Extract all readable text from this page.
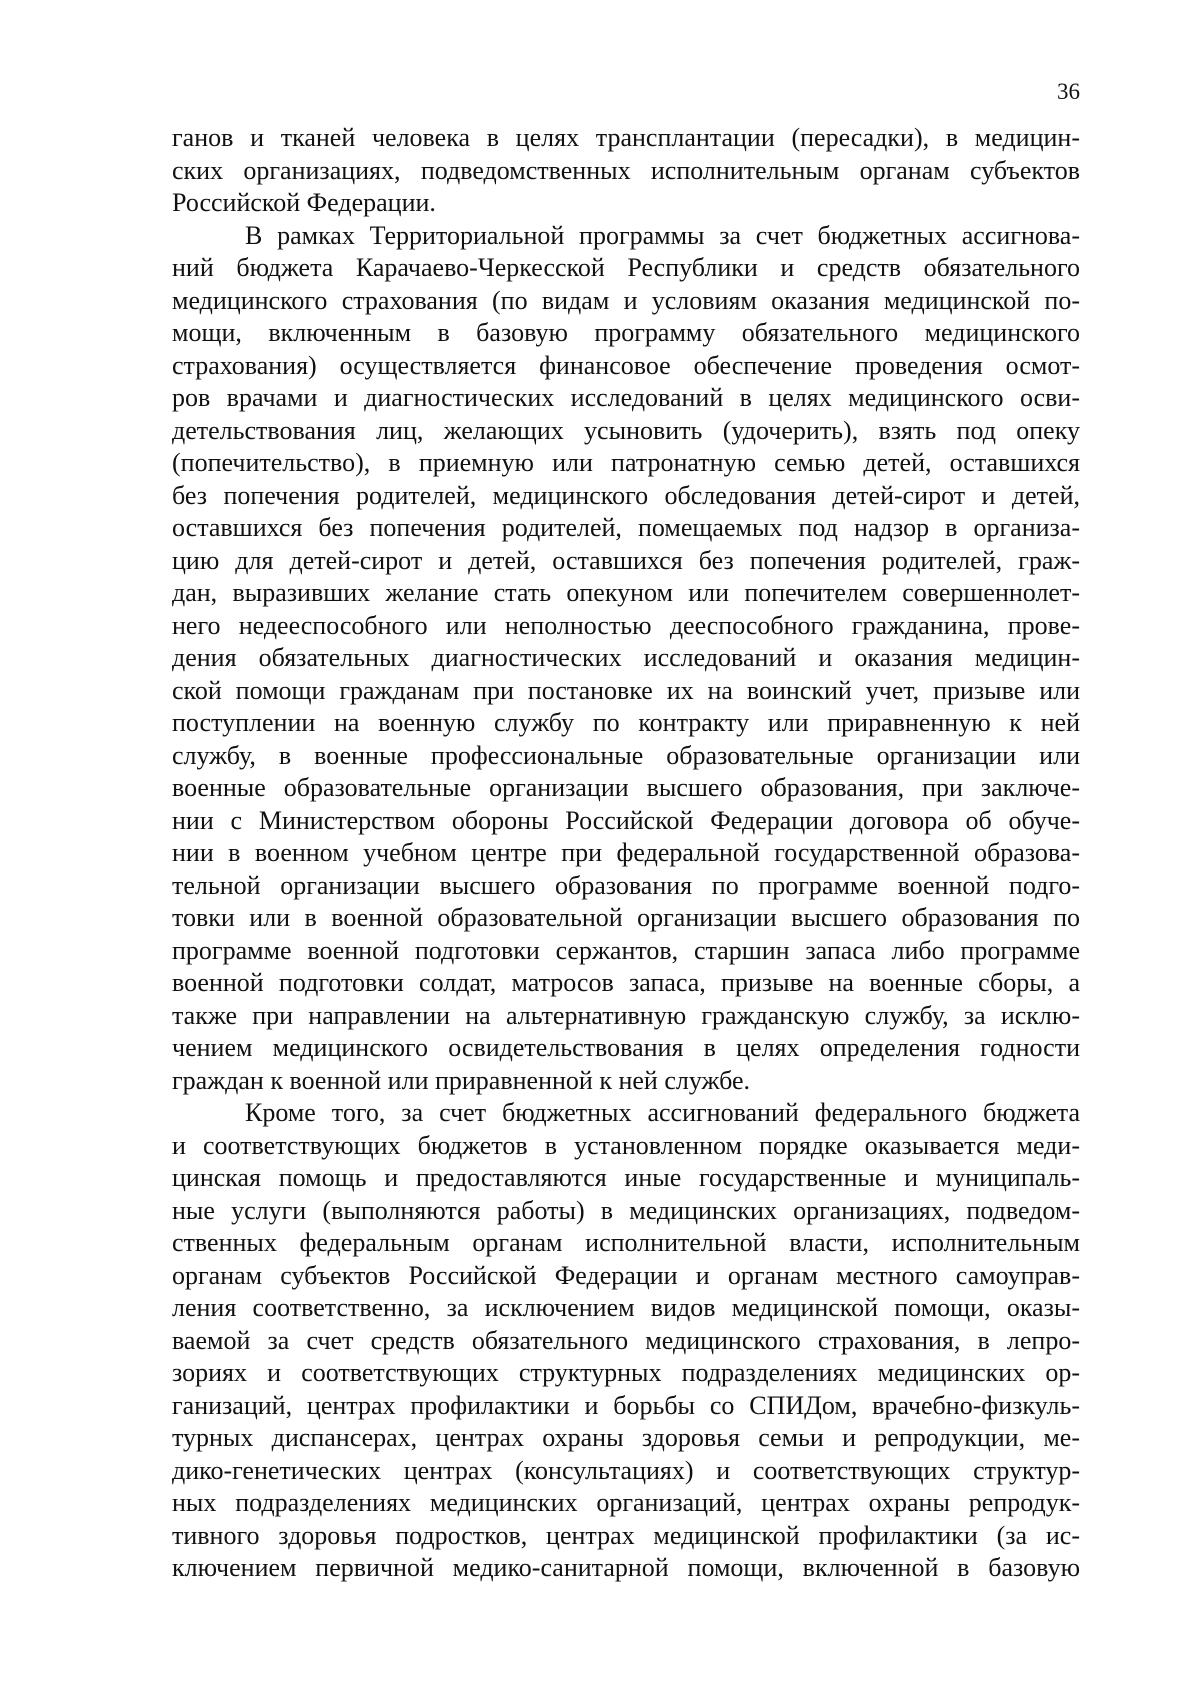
36
ганов и тканей человека в целях трансплантации (пересадки), в медицин-
ских организациях, подведомственных исполнительным органам субъектов
Российской Федерации.
В рамках Территориальной программы за счет бюджетных ассигнова-
ний бюджета Карачаево-Черкесской Республики и средств обязательного
медицинского страхования (по видам и условиям оказания медицинской по-
мощи, включенным в базовую программу обязательного медицинского
страхования) осуществляется финансовое обеспечение проведения осмот-
ров врачами и диагностических исследований в целях медицинского осви-
детельствования лиц, желающих усыновить (удочерить), взять под опеку
(попечительство), в приемную или патронатную семью детей, оставшихся
без попечения родителей, медицинского обследования детей-сирот и детей,
оставшихся без попечения родителей, помещаемых под надзор в организа-
цию для детей-сирот и детей, оставшихся без попечения родителей, граж-
дан, выразивших желание стать опекуном или попечителем совершеннолет-
него недееспособного или неполностью дееспособного гражданина, прове-
дения обязательных диагностических исследований и оказания медицин-
ской помощи гражданам при постановке их на воинский учет, призыве или
поступлении на военную службу по контракту или приравненную к ней
службу, в военные профессиональные образовательные организации или
военные образовательные организации высшего образования, при заключе-
нии с Министерством обороны Российской Федерации договора об обуче-
нии в военном учебном центре при федеральной государственной образова-
тельной организации высшего образования по программе военной подго-
товки или в военной образовательной организации высшего образования по
программе военной подготовки сержантов, старшин запаса либо программе
военной подготовки солдат, матросов запаса, призыве на военные сборы, а
также при направлении на альтернативную гражданскую службу, за исклю-
чением медицинского освидетельствования в целях определения годности
граждан к военной или приравненной к ней службе.
Кроме того, за счет бюджетных ассигнований федерального бюджета
и соответствующих бюджетов в установленном порядке оказывается меди-
цинская помощь и предоставляются иные государственные и муниципаль-
ные услуги (выполняются работы) в медицинских организациях, подведом-
ственных федеральным органам исполнительной власти, исполнительным
органам субъектов Российской Федерации и органам местного самоуправ-
ления соответственно, за исключением видов медицинской помощи, оказы-
ваемой за счет средств обязательного медицинского страхования, в лепро-
зориях и соответствующих структурных подразделениях медицинских ор-
ганизаций, центрах профилактики и борьбы со СПИДом, врачебно-физкуль-
турных диспансерах, центрах охраны здоровья семьи и репродукции, ме-
дико-генетических центрах (консультациях) и соответствующих структур-
ных подразделениях медицинских организаций, центрах охраны репродук-
тивного здоровья подростков, центрах медицинской профилактики (за ис-
ключением первичной медико-санитарной помощи, включенной в базовую
